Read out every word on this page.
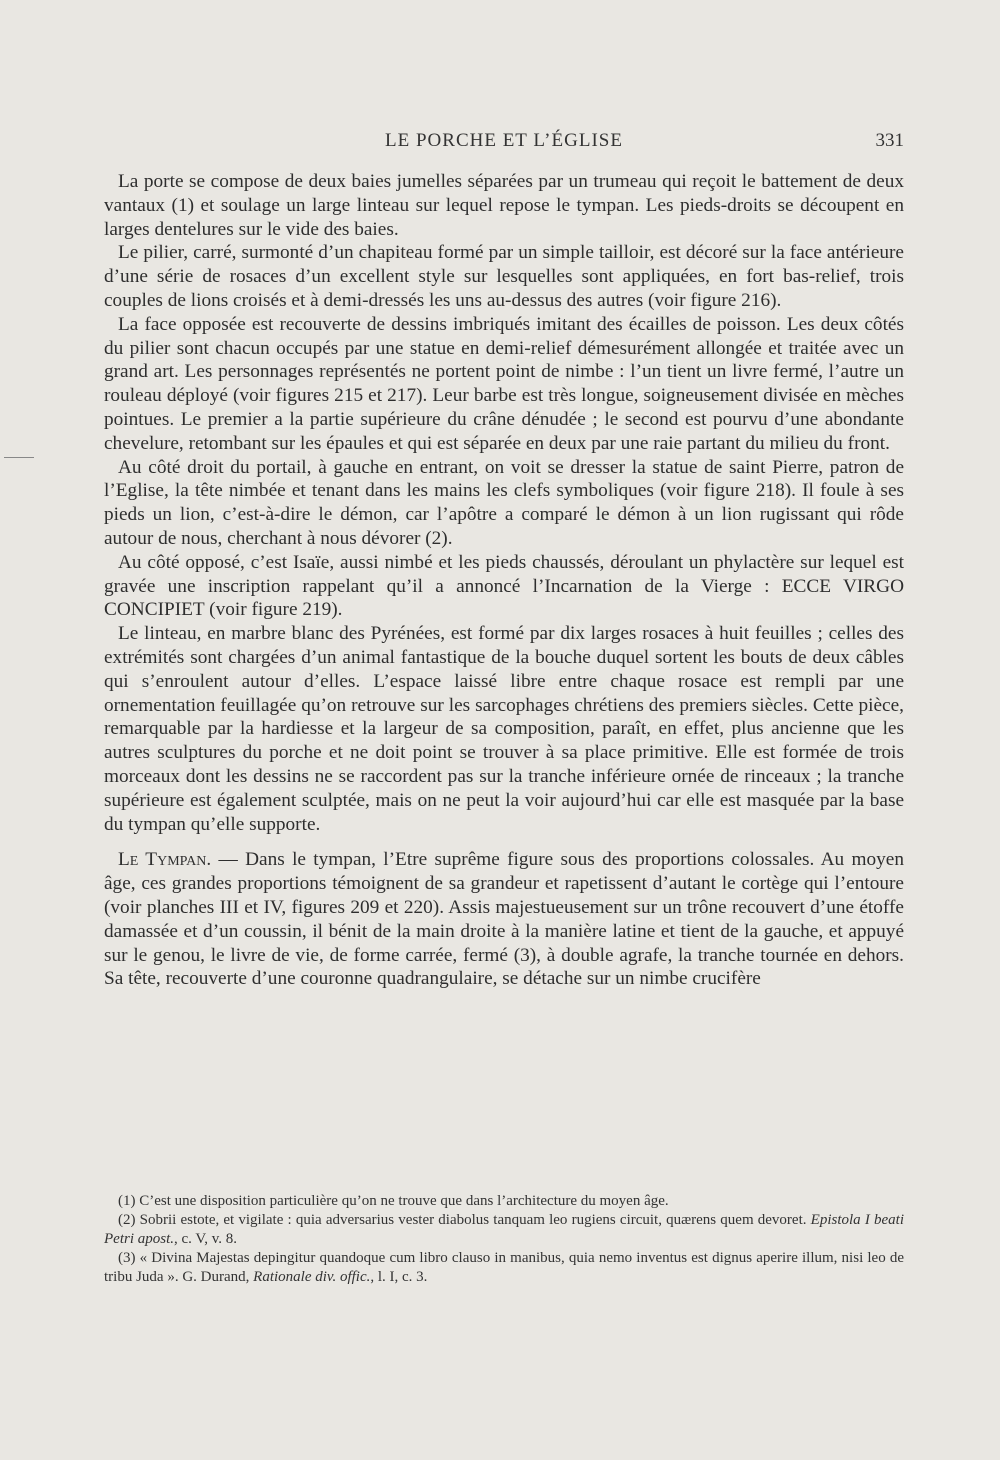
LE PORCHE ET L’ÉGLISE	331

La porte se compose de deux baies jumelles séparées par un trumeau qui reçoit le battement de deux vantaux (1) et soulage un large linteau sur lequel repose le tympan. Les pieds-droits se découpent en larges dentelures sur le vide des baies.

Le pilier, carré, surmonté d’un chapiteau formé par un simple tailloir, est décoré sur la face antérieure d’une série de rosaces d’un excellent style sur lesquelles sont appliquées, en fort bas-relief, trois couples de lions croisés et à demi-dressés les uns au-dessus des autres (voir figure 216).

La face opposée est recouverte de dessins imbriqués imitant des écailles de poisson. Les deux côtés du pilier sont chacun occupés par une statue en demi-relief démesurément allongée et traitée avec un grand art. Les personnages représentés ne portent point de nimbe : l’un tient un livre fermé, l’autre un rouleau déployé (voir figures 215 et 217). Leur barbe est très longue, soigneusement divisée en mèches pointues. Le premier a la partie supérieure du crâne dénudée ; le second est pourvu d’une abondante chevelure, retombant sur les épaules et qui est séparée en deux par une raie partant du milieu du front.

Au côté droit du portail, à gauche en entrant, on voit se dresser la statue de saint Pierre, patron de l’Eglise, la tête nimbée et tenant dans les mains les clefs symboliques (voir figure 218). Il foule à ses pieds un lion, c’est-à-dire le démon, car l’apôtre a comparé le démon à un lion rugissant qui rôde autour de nous, cherchant à nous dévorer (2).

Au côté opposé, c’est Isaïe, aussi nimbé et les pieds chaussés, déroulant un phylactère sur lequel est gravée une inscription rappelant qu’il a annoncé l’Incarnation de la Vierge : ECCE VIRGO CONCIPIET (voir figure 219).

Le linteau, en marbre blanc des Pyrénées, est formé par dix larges rosaces à huit feuilles ; celles des extrémités sont chargées d’un animal fantastique de la bouche duquel sortent les bouts de deux câbles qui s’enroulent autour d’elles. L’espace laissé libre entre chaque rosace est rempli par une ornementation feuillagée qu’on retrouve sur les sarcophages chrétiens des premiers siècles. Cette pièce, remarquable par la hardiesse et la largeur de sa composition, paraît, en effet, plus ancienne que les autres sculptures du porche et ne doit point se trouver à sa place primitive. Elle est formée de trois morceaux dont les dessins ne se raccordent pas sur la tranche inférieure ornée de rinceaux ; la tranche supérieure est également sculptée, mais on ne peut la voir aujourd’hui car elle est masquée par la base du tympan qu’elle supporte.

Le Tympan. — Dans le tympan, l’Etre suprême figure sous des proportions colossales. Au moyen âge, ces grandes proportions témoignent de sa grandeur et rapetissent d’autant le cortège qui l’entoure (voir planches III et IV, figures 209 et 220). Assis majestueusement sur un trône recouvert d’une étoffe damassée et d’un coussin, il bénit de la main droite à la manière latine et tient de la gauche, et appuyé sur le genou, le livre de vie, de forme carrée, fermé (3), à double agrafe, la tranche tournée en dehors. Sa tête, recouverte d’une couronne quadrangulaire, se détache sur un nimbe crucifère

(1) C’est une disposition particulière qu’on ne trouve que dans l’architecture du moyen âge.

(2) Sobrii estote, et vigilate : quia adversarius vester diabolus tanquam leo rugiens circuit, quærens quem devoret. Epistola I beati Petri apost., c. V, v. 8.

(3) « Divina Majestas depingitur quandoque cum libro clauso in manibus, quia nemo inventus est dignus aperire illum, nisi leo de tribu Juda ». G. Durand, Rationale div. offic., l. I, c. 3.
